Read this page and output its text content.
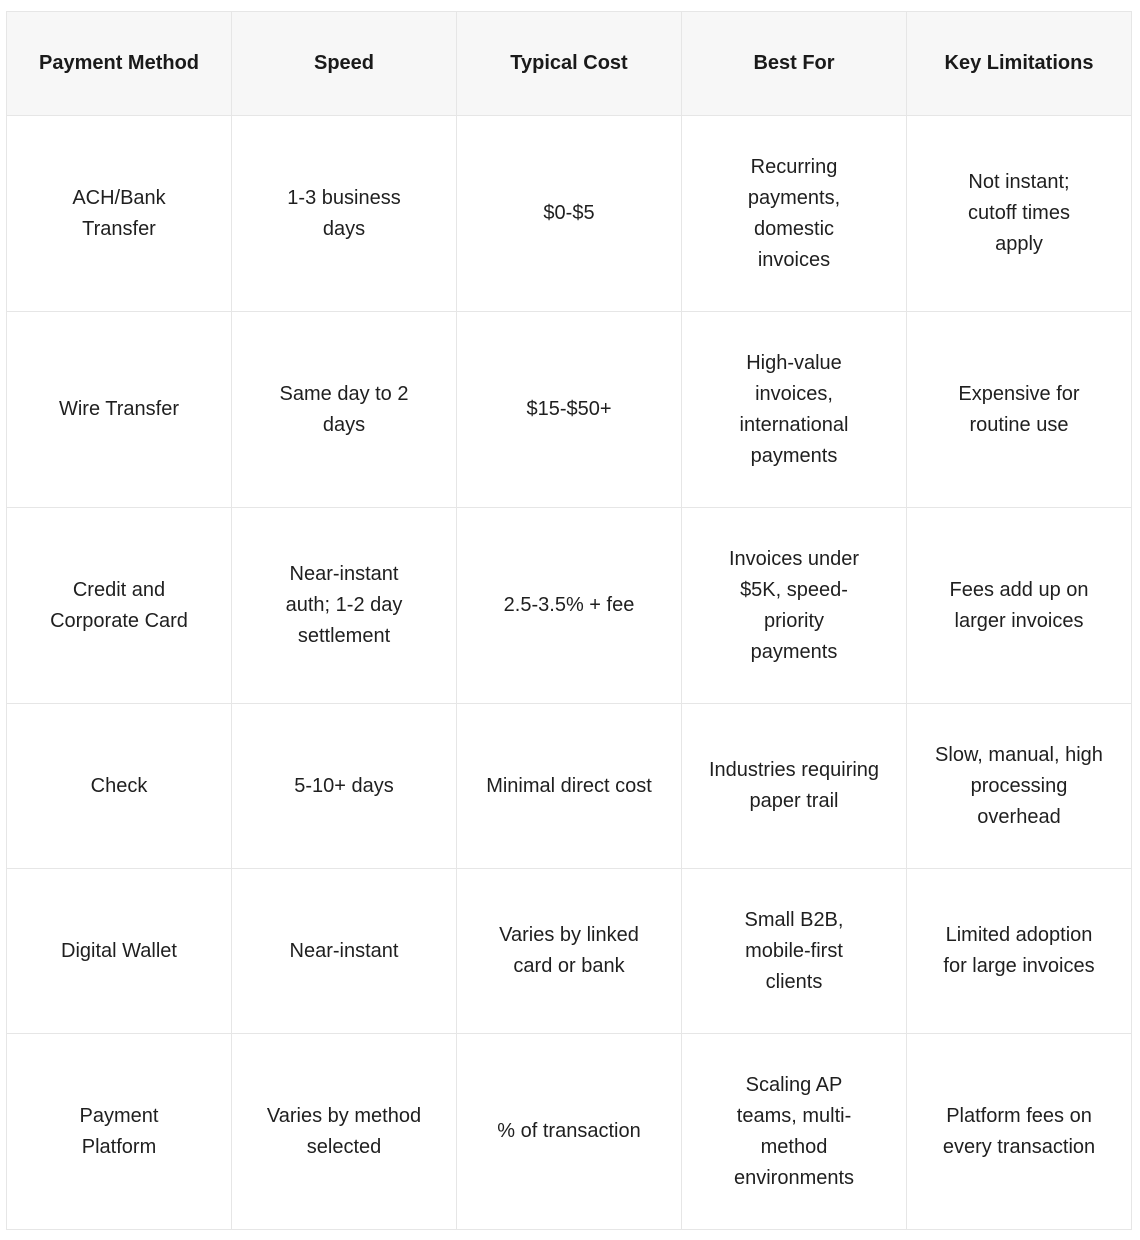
Payment Method	Speed	Typical Cost	Best For	Key Limitations

ACH/Bank Transfer	1-3 business days	$0-$5	Recurring payments, domestic invoices	Not instant; cutoff times apply

Wire Transfer	Same day to 2 days	$15-$50+	High-value invoices, international payments	Expensive for routine use

Credit and Corporate Card	Near-instant auth; 1-2 day settlement	2.5-3.5% + fee	Invoices under $5K, speed-priority payments	Fees add up on larger invoices

Check	5-10+ days	Minimal direct cost	Industries requiring paper trail	Slow, manual, high processing overhead

Digital Wallet	Near-instant	Varies by linked card or bank	Small B2B, mobile-first clients	Limited adoption for large invoices

Payment Platform	Varies by method selected	% of transaction	Scaling AP teams, multi-method environments	Platform fees on every transaction
